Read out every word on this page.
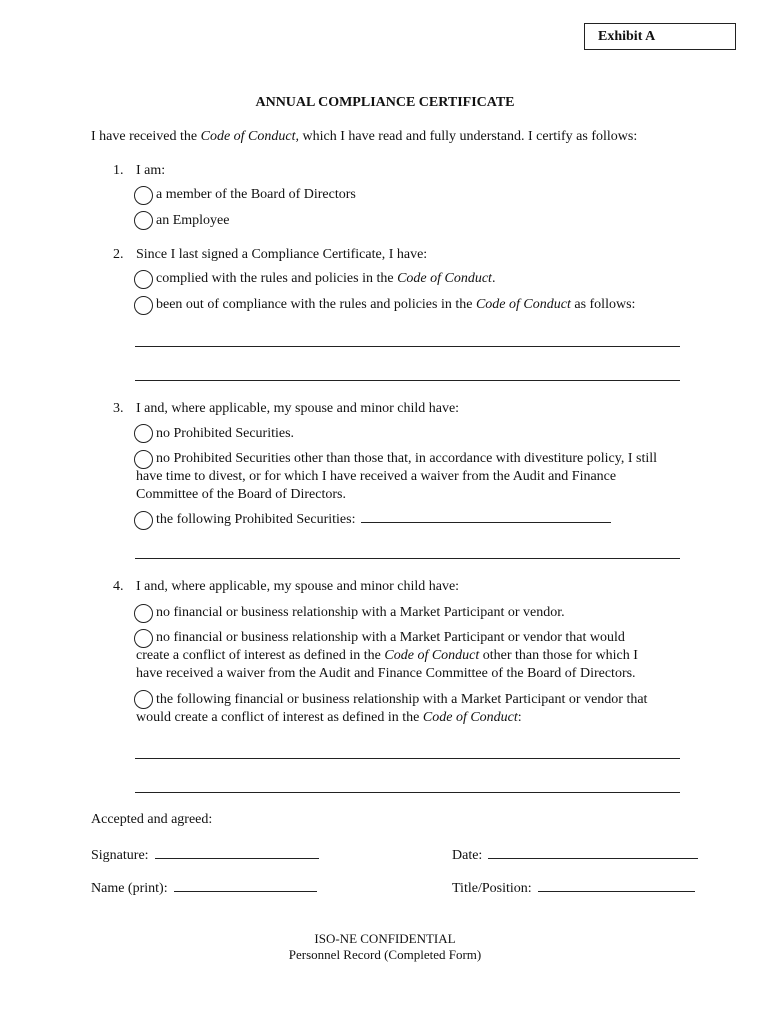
Exhibit A
ANNUAL COMPLIANCE CERTIFICATE
I have received the Code of Conduct, which I have read and fully understand. I certify as follows:
1. I am:
a member of the Board of Directors
an Employee
2. Since I last signed a Compliance Certificate, I have:
complied with the rules and policies in the Code of Conduct.
been out of compliance with the rules and policies in the Code of Conduct as follows:
3. I and, where applicable, my spouse and minor child have:
no Prohibited Securities.
no Prohibited Securities other than those that, in accordance with divestiture policy, I still
have time to divest, or for which I have received a waiver from the Audit and Finance
Committee of the Board of Directors.
the following Prohibited Securities:
4. I and, where applicable, my spouse and minor child have:
no financial or business relationship with a Market Participant or vendor.
no financial or business relationship with a Market Participant or vendor that would
create a conflict of interest as defined in the Code of Conduct other than those for which I
have received a waiver from the Audit and Finance Committee of the Board of Directors.
the following financial or business relationship with a Market Participant or vendor that
would create a conflict of interest as defined in the Code of Conduct:
Accepted and agreed:
Signature:	Date:
Name (print):	Title/Position:
ISO-NE CONFIDENTIAL
Personnel Record (Completed Form)
